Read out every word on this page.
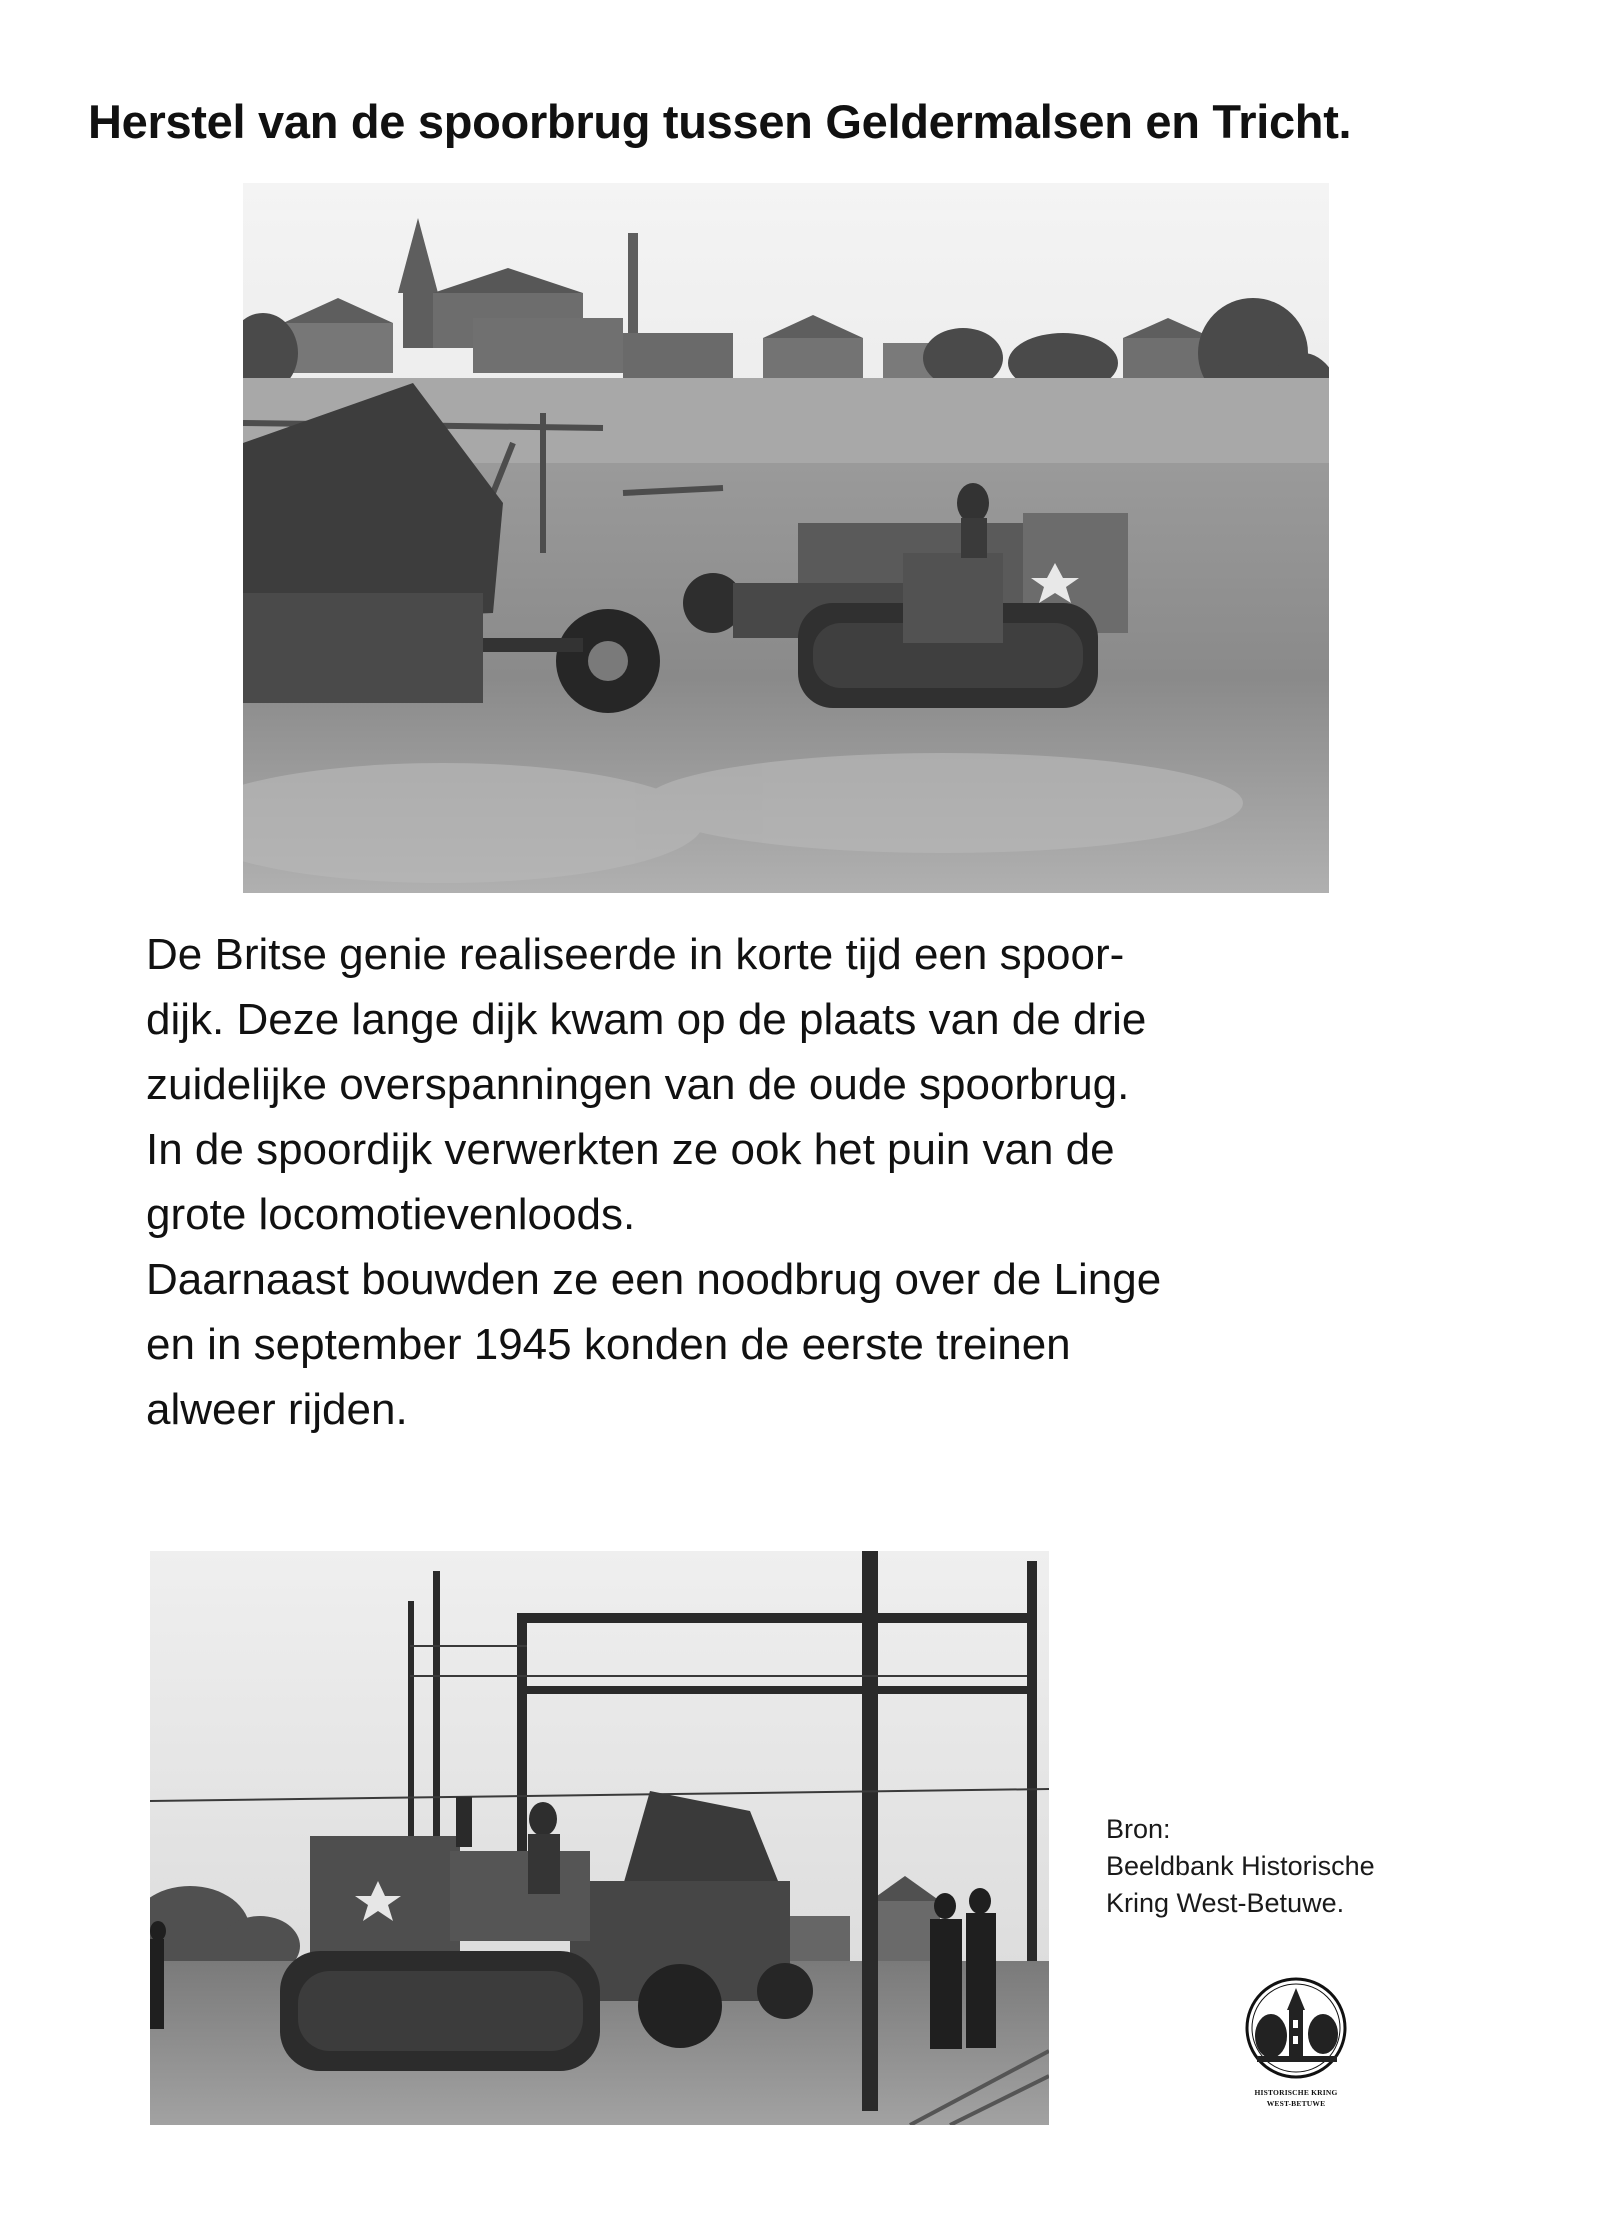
Herstel van de spoorbrug tussen Geldermalsen en Tricht.
De Britse genie realiseerde in korte tijd een spoor-
dijk. Deze lange dijk kwam op de plaats van de drie
zuidelijke overspanningen van de oude spoorbrug.
In de spoordijk verwerkten ze ook het puin van de
grote locomotievenloods.
Daarnaast bouwden ze een noodbrug over de Linge
en in september 1945 konden de eerste treinen
alweer rijden.
Bron:
Beeldbank Historische
Kring West-Betuwe.
HISTORISCHE KRING
WEST-BETUWE
